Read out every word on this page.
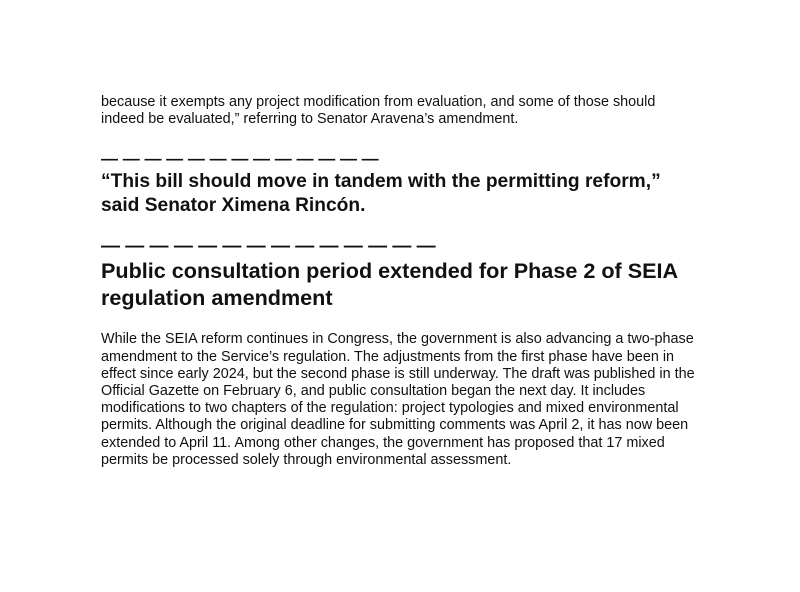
because it exempts any project modification from evaluation, and some of those should indeed be evaluated,” referring to Senator Aravena’s amendment.

— — — — — — — — — — — — —

“This bill should move in tandem with the permitting reform,” said Senator Ximena Rincón.

— — — — — — — — — — — — — —
Public consultation period extended for Phase 2 of SEIA regulation amendment

While the SEIA reform continues in Congress, the government is also advancing a two-phase amendment to the Service’s regulation. The adjustments from the first phase have been in effect since early 2024, but the second phase is still underway. The draft was published in the Official Gazette on February 6, and public consultation began the next day. It includes modifications to two chapters of the regulation: project typologies and mixed environmental permits. Although the original deadline for submitting comments was April 2, it has now been extended to April 11. Among other changes, the government has proposed that 17 mixed permits be processed solely through environmental assessment.
